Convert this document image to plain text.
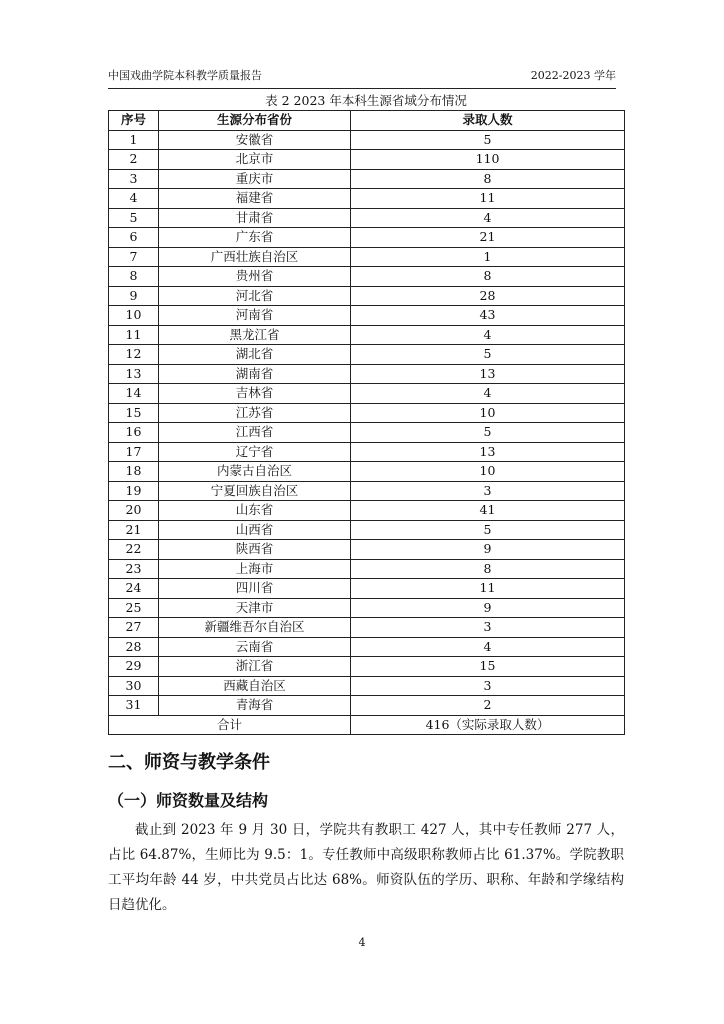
中国戏曲学院本科教学质量报告	2022-2023 学年
表 2 2023 年本科生源省域分布情况
序号	生源分布省份	录取人数
1	安徽省	5
2	北京市	110
3	重庆市	8
4	福建省	11
5	甘肃省	4
6	广东省	21
7	广西壮族自治区	1
8	贵州省	8
9	河北省	28
10	河南省	43
11	黑龙江省	4
12	湖北省	5
13	湖南省	13
14	吉林省	4
15	江苏省	10
16	江西省	5
17	辽宁省	13
18	内蒙古自治区	10
19	宁夏回族自治区	3
20	山东省	41
21	山西省	5
22	陕西省	9
23	上海市	8
24	四川省	11
25	天津市	9
27	新疆维吾尔自治区	3
28	云南省	4
29	浙江省	15
30	西藏自治区	3
31	青海省	2
合计		416（实际录取人数）
二、师资与教学条件
（一）师资数量及结构
截止到 2023 年 9 月 30 日，学院共有教职工 427 人，其中专任教师 277 人，占比 64.87%，生师比为 9.5：1。专任教师中高级职称教师占比 61.37%。学院教职工平均年龄 44 岁，中共党员占比达 68%。师资队伍的学历、职称、年龄和学缘结构日趋优化。
4
